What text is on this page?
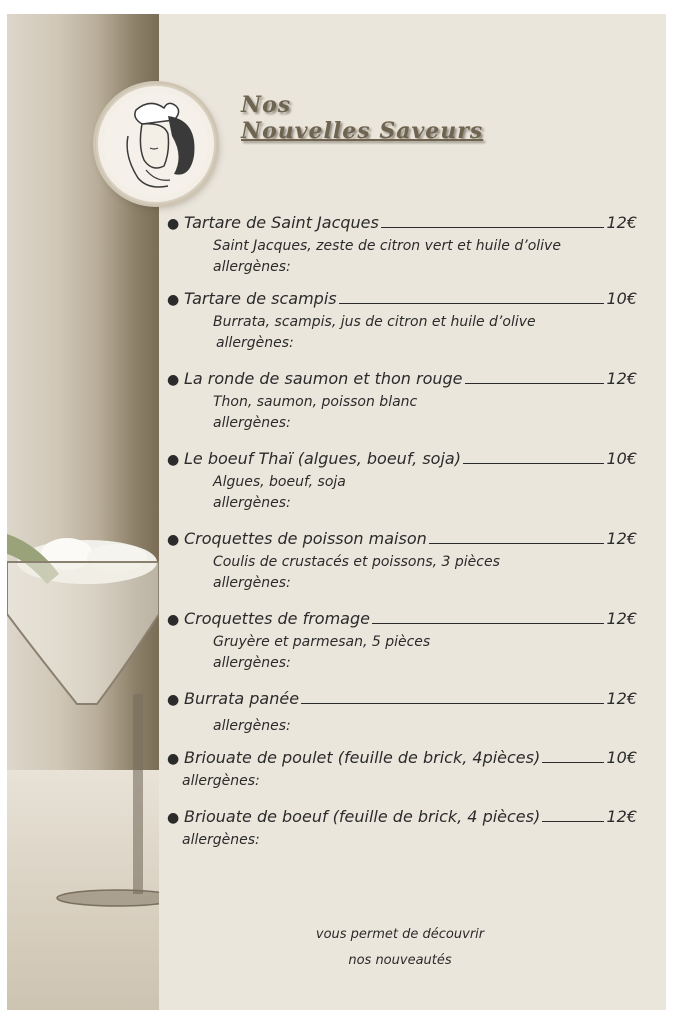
Nos
Nouvelles Saveurs
● Tartare de Saint Jacques	12€
Saint Jacques, zeste de citron vert et huile d’olive
allergènes:
● Tartare de scampis	10€
Burrata, scampis, jus de citron et huile d’olive
allergènes:
● La ronde de saumon et thon rouge	12€
Thon, saumon, poisson blanc
allergènes:
● Le boeuf Thaï (algues, boeuf, soja)	10€
Algues, boeuf, soja
allergènes:
● Croquettes de poisson maison	12€
Coulis de crustacés et poissons, 3 pièces
allergènes:
● Croquettes de fromage	12€
Gruyère et parmesan, 5 pièces
allergènes:
● Burrata panée	12€
allergènes:
● Briouate de poulet (feuille de brick, 4pièces)	10€
allergènes:
● Briouate de boeuf (feuille de brick, 4 pièces)	12€
allergènes:
vous permet de découvrir
nos nouveautés
